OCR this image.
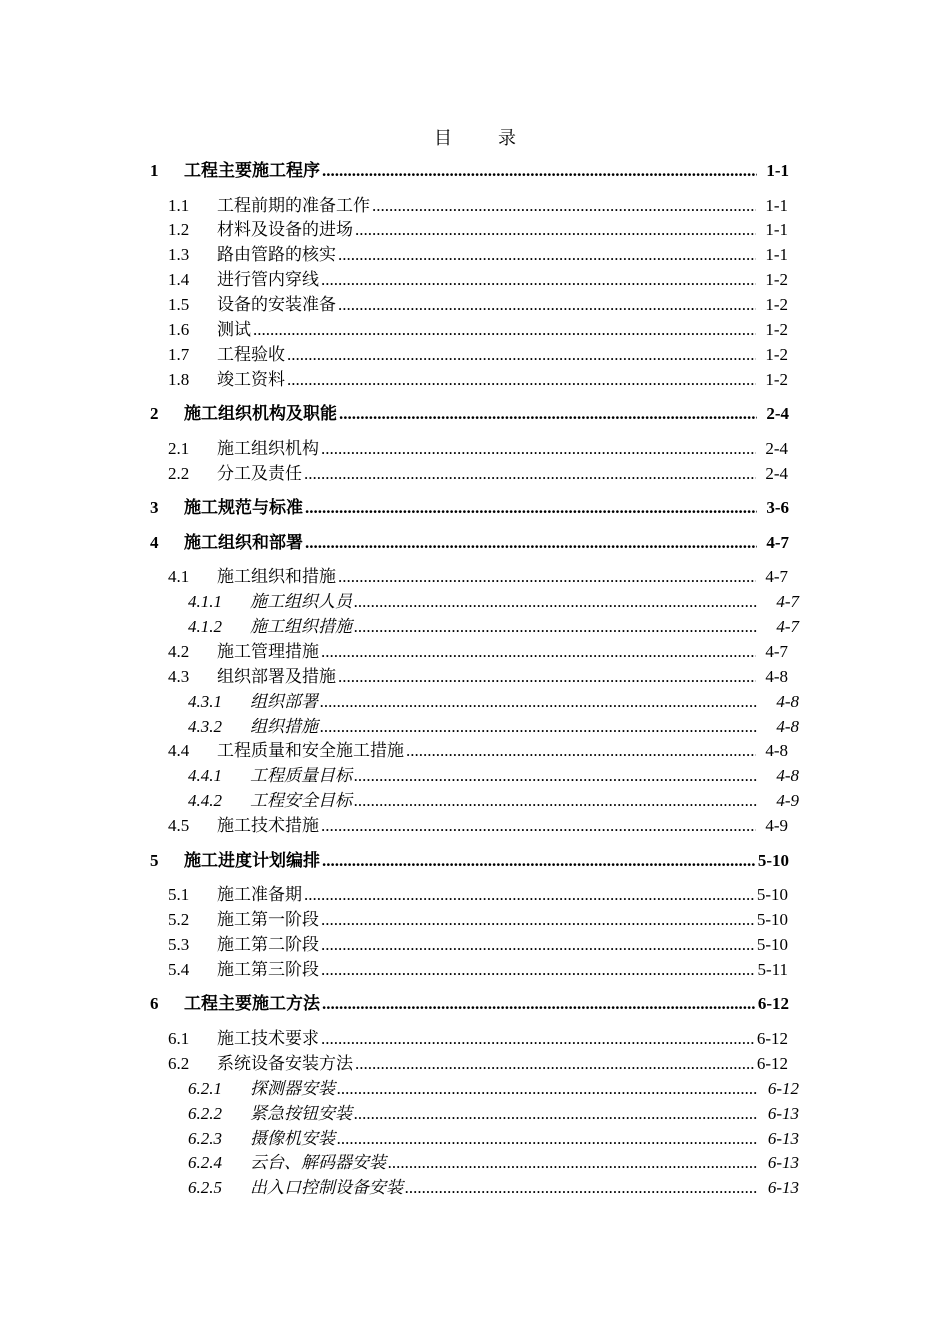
目　录
1	工程主要施工程序 .....	1-1
1.1	工程前期的准备工作 .....	1-1
1.2	材料及设备的进场 .....	1-1
1.3	路由管路的核实 .....	1-1
1.4	进行管内穿线 .....	1-2
1.5	设备的安装准备 .....	1-2
1.6	测试 .....	1-2
1.7	工程验收 .....	1-2
1.8	竣工资料 .....	1-2
2	施工组织机构及职能 .....	2-4
2.1	施工组织机构 .....	2-4
2.2	分工及责任 .....	2-4
3	施工规范与标准 .....	3-6
4	施工组织和部署 .....	4-7
4.1	施工组织和措施 .....	4-7
4.1.1	施工组织人员 .....	4-7
4.1.2	施工组织措施 .....	4-7
4.2	施工管理措施 .....	4-7
4.3	组织部署及措施 .....	4-8
4.3.1	组织部署 .....	4-8
4.3.2	组织措施 .....	4-8
4.4	工程质量和安全施工措施 .....	4-8
4.4.1	工程质量目标 .....	4-8
4.4.2	工程安全目标 .....	4-9
4.5	施工技术措施 .....	4-9
5	施工进度计划编排 .....	5-10
5.1	施工准备期 .....	5-10
5.2	施工第一阶段 .....	5-10
5.3	施工第二阶段 .....	5-10
5.4	施工第三阶段 .....	5-11
6	工程主要施工方法 .....	6-12
6.1	施工技术要求 .....	6-12
6.2	系统设备安装方法 .....	6-12
6.2.1	探测器安装 .....	6-12
6.2.2	紧急按钮安装 .....	6-13
6.2.3	摄像机安装 .....	6-13
6.2.4	云台、解码器安装 .....	6-13
6.2.5	出入口控制设备安装 .....	6-13
